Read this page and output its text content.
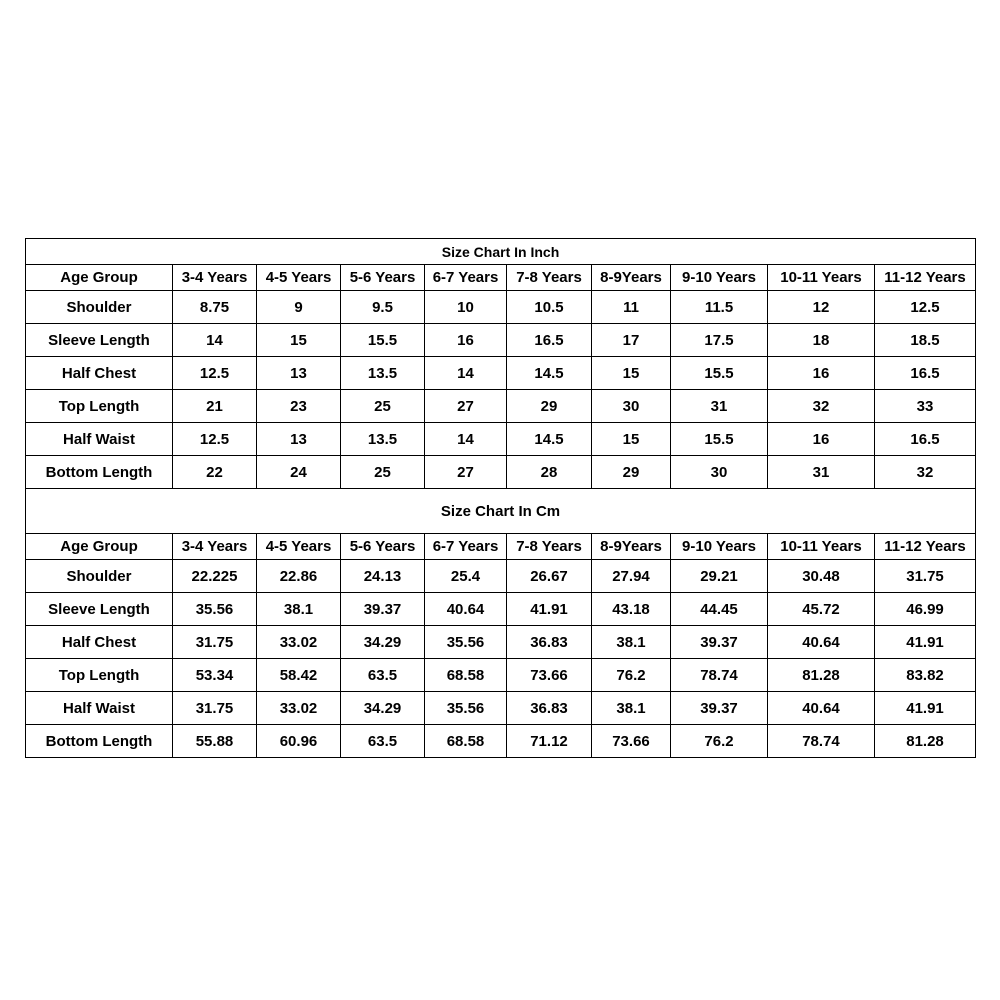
Size Chart In Inch									
Age Group	3-4 Years	4-5 Years	5-6 Years	6-7 Years	7-8 Years	8-9Years	9-10 Years	10-11 Years	11-12 Years
Shoulder	8.75	9	9.5	10	10.5	11	11.5	12	12.5
Sleeve Length	14	15	15.5	16	16.5	17	17.5	18	18.5
Half Chest	12.5	13	13.5	14	14.5	15	15.5	16	16.5
Top Length	21	23	25	27	29	30	31	32	33
Half Waist	12.5	13	13.5	14	14.5	15	15.5	16	16.5
Bottom Length	22	24	25	27	28	29	30	31	32
Size Chart In Cm									
Age Group	3-4 Years	4-5 Years	5-6 Years	6-7 Years	7-8 Years	8-9Years	9-10 Years	10-11 Years	11-12 Years
Shoulder	22.225	22.86	24.13	25.4	26.67	27.94	29.21	30.48	31.75
Sleeve Length	35.56	38.1	39.37	40.64	41.91	43.18	44.45	45.72	46.99
Half Chest	31.75	33.02	34.29	35.56	36.83	38.1	39.37	40.64	41.91
Top Length	53.34	58.42	63.5	68.58	73.66	76.2	78.74	81.28	83.82
Half Waist	31.75	33.02	34.29	35.56	36.83	38.1	39.37	40.64	41.91
Bottom Length	55.88	60.96	63.5	68.58	71.12	73.66	76.2	78.74	81.28
